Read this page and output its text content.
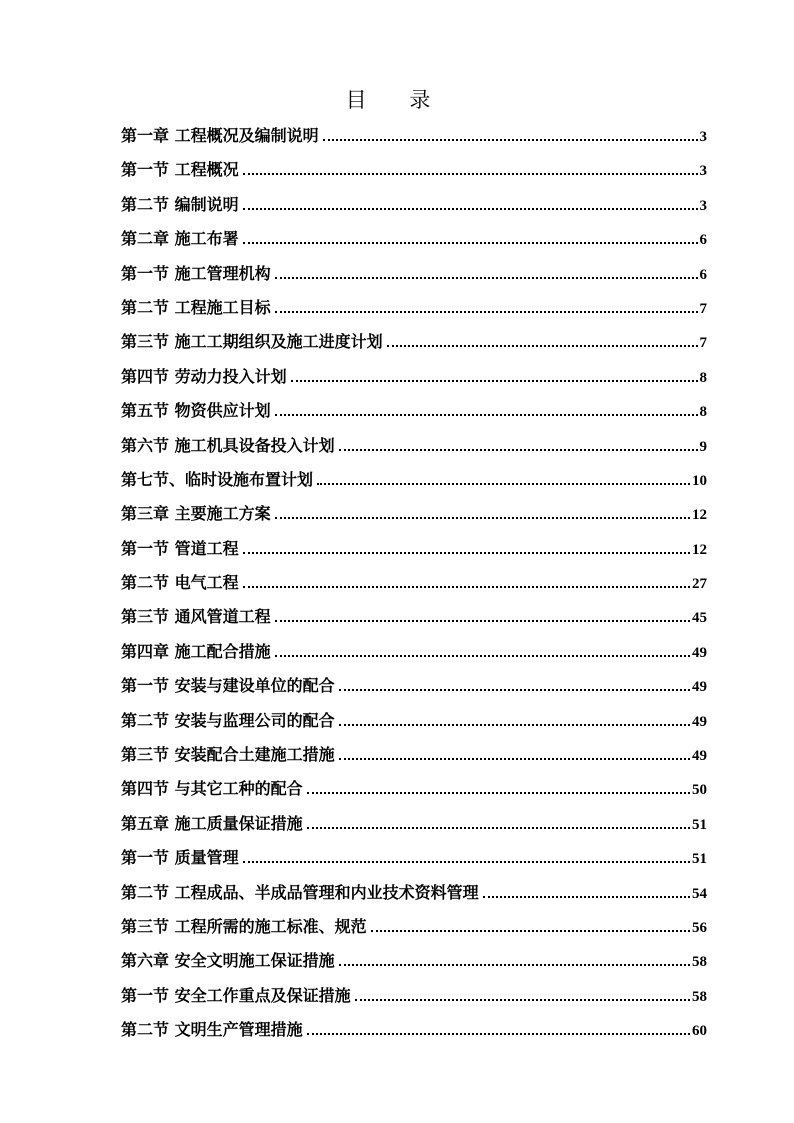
目 录
第一章 工程概况及编制说明	3
第一节 工程概况	3
第二节 编制说明	3
第二章 施工布署	6
第一节 施工管理机构	6
第二节 工程施工目标	7
第三节 施工工期组织及施工进度计划	7
第四节 劳动力投入计划	8
第五节 物资供应计划	8
第六节 施工机具设备投入计划	9
第七节、临时设施布置计划	10
第三章 主要施工方案	12
第一节 管道工程	12
第二节 电气工程	27
第三节 通风管道工程	45
第四章 施工配合措施	49
第一节 安装与建设单位的配合	49
第二节 安装与监理公司的配合	49
第三节 安装配合土建施工措施	49
第四节 与其它工种的配合	50
第五章 施工质量保证措施	51
第一节 质量管理	51
第二节 工程成品、半成品管理和内业技术资料管理	54
第三节 工程所需的施工标准、规范	56
第六章 安全文明施工保证措施	58
第一节 安全工作重点及保证措施	58
第二节 文明生产管理措施	60
